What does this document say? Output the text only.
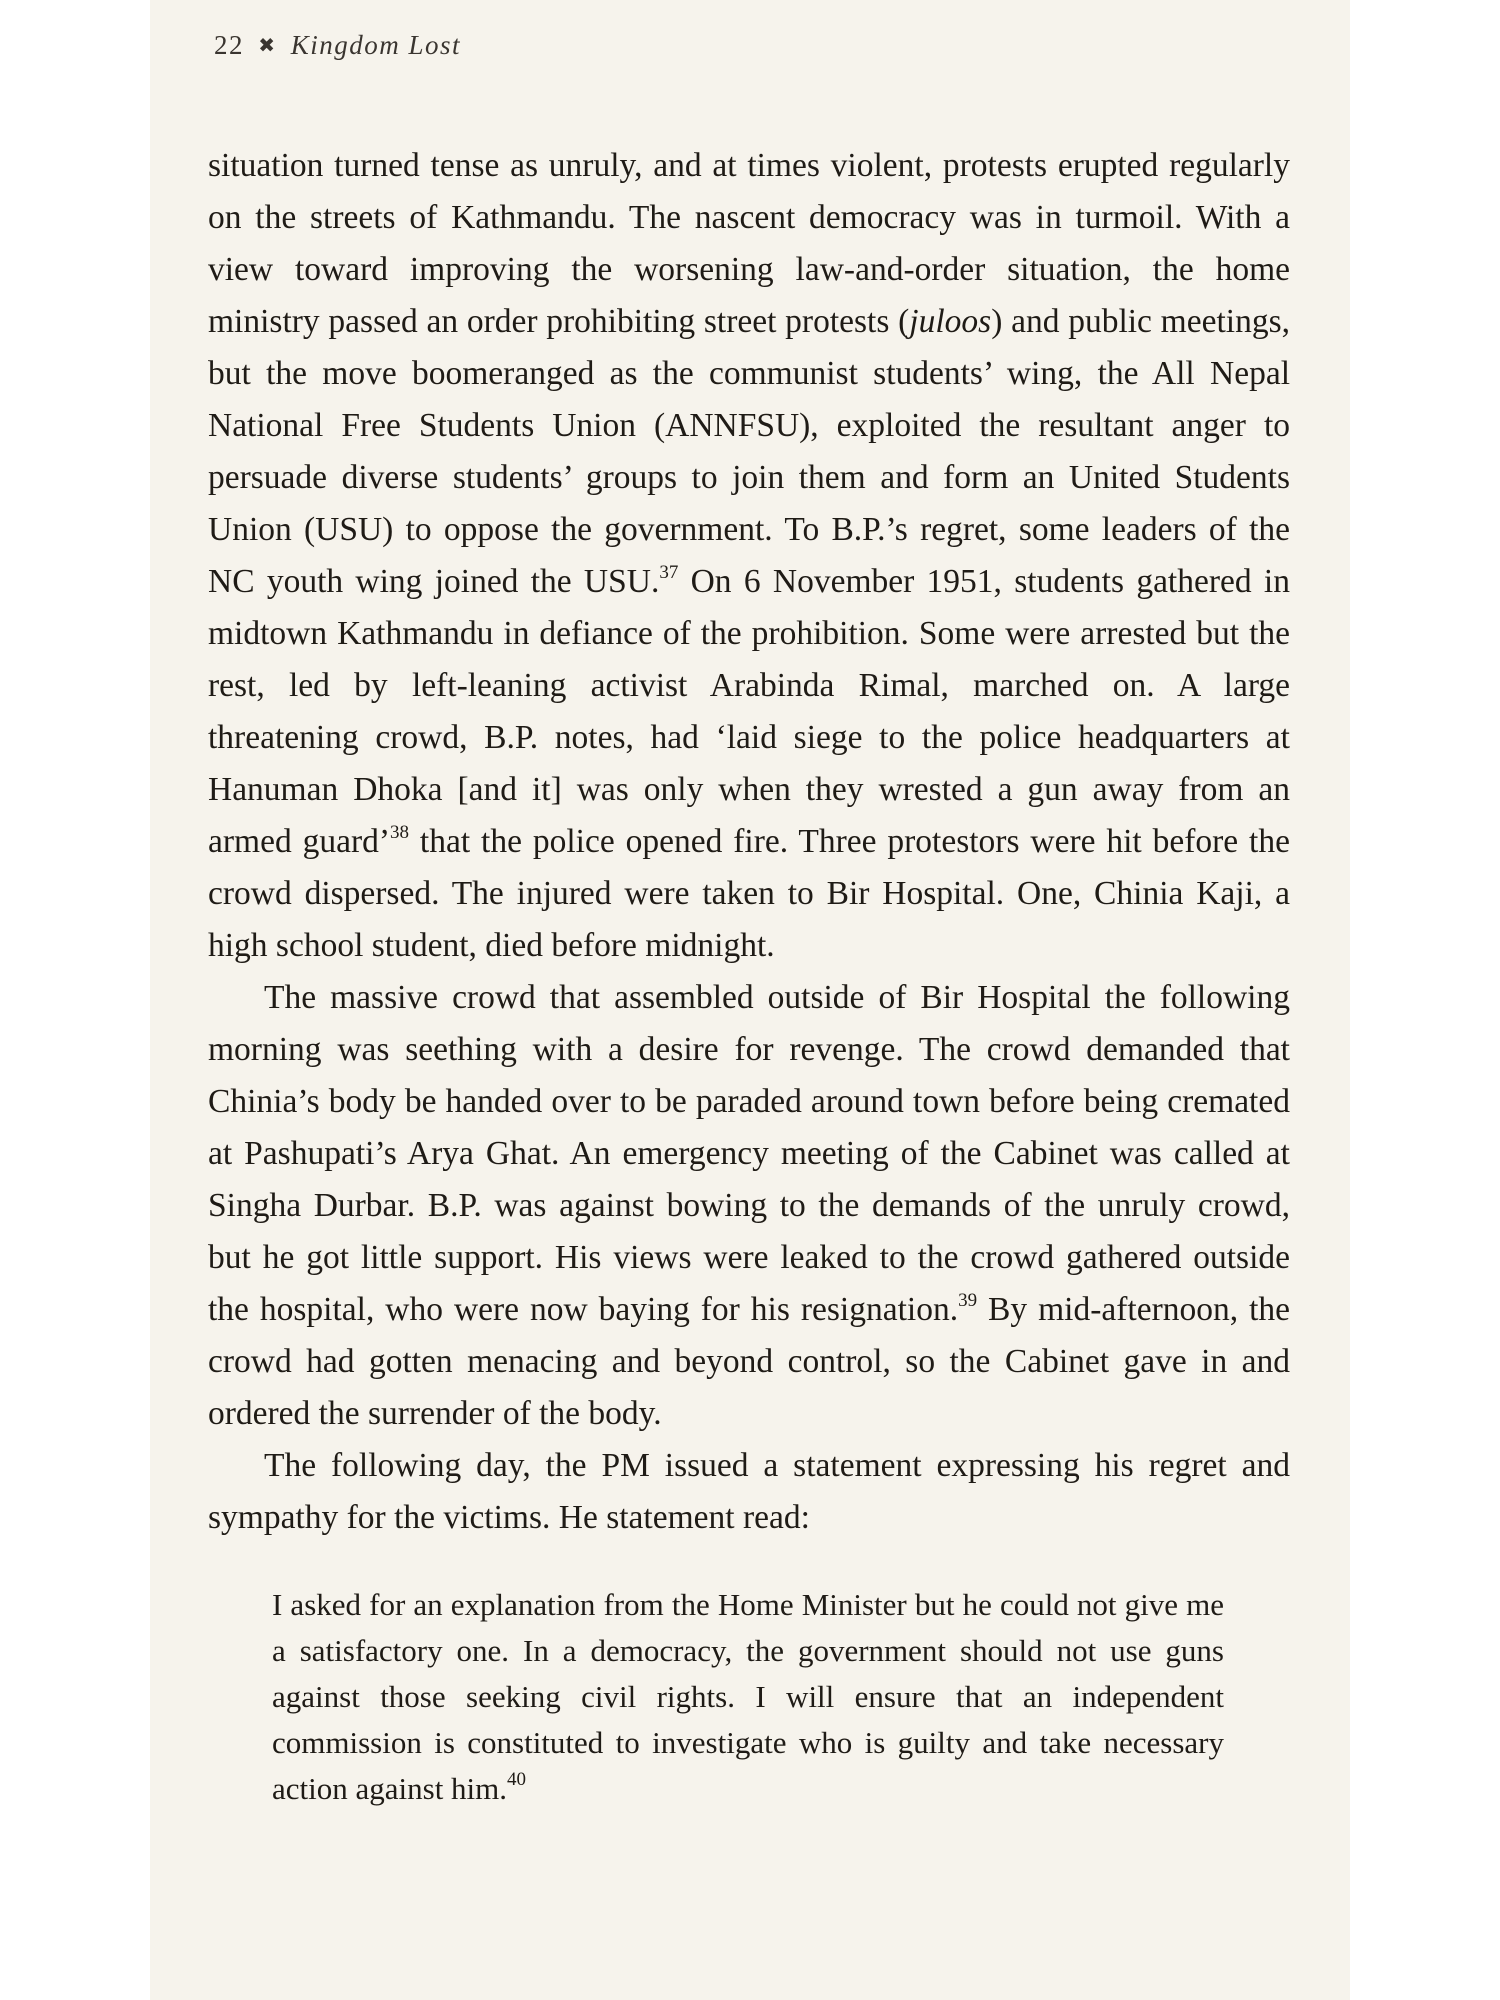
22 ✖ Kingdom Lost

situation turned tense as unruly, and at times violent, protests erupted regularly on the streets of Kathmandu. The nascent democracy was in turmoil. With a view toward improving the worsening law-and-order situation, the home ministry passed an order prohibiting street protests (juloos) and public meetings, but the move boomeranged as the communist students’ wing, the All Nepal National Free Students Union (ANNFSU), exploited the resultant anger to persuade diverse students’ groups to join them and form an United Students Union (USU) to oppose the government. To B.P.’s regret, some leaders of the NC youth wing joined the USU.$^{37}$ On 6 November 1951, students gathered in midtown Kathmandu in defiance of the prohibition. Some were arrested but the rest, led by left-leaning activist Arabinda Rimal, marched on. A large threatening crowd, B.P. notes, had ‘laid siege to the police headquarters at Hanuman Dhoka [and it] was only when they wrested a gun away from an armed guard’$^{38}$ that the police opened fire. Three protestors were hit before the crowd dispersed. The injured were taken to Bir Hospital. One, Chinia Kaji, a high school student, died before midnight.

The massive crowd that assembled outside of Bir Hospital the following morning was seething with a desire for revenge. The crowd demanded that Chinia’s body be handed over to be paraded around town before being cremated at Pashupati’s Arya Ghat. An emergency meeting of the Cabinet was called at Singha Durbar. B.P. was against bowing to the demands of the unruly crowd, but he got little support. His views were leaked to the crowd gathered outside the hospital, who were now baying for his resignation.$^{39}$ By mid-afternoon, the crowd had gotten menacing and beyond control, so the Cabinet gave in and ordered the surrender of the body.

The following day, the PM issued a statement expressing his regret and sympathy for the victims. He statement read:

I asked for an explanation from the Home Minister but he could not give me a satisfactory one. In a democracy, the government should not use guns against those seeking civil rights. I will ensure that an independent commission is constituted to investigate who is guilty and take necessary action against him.$^{40}$
